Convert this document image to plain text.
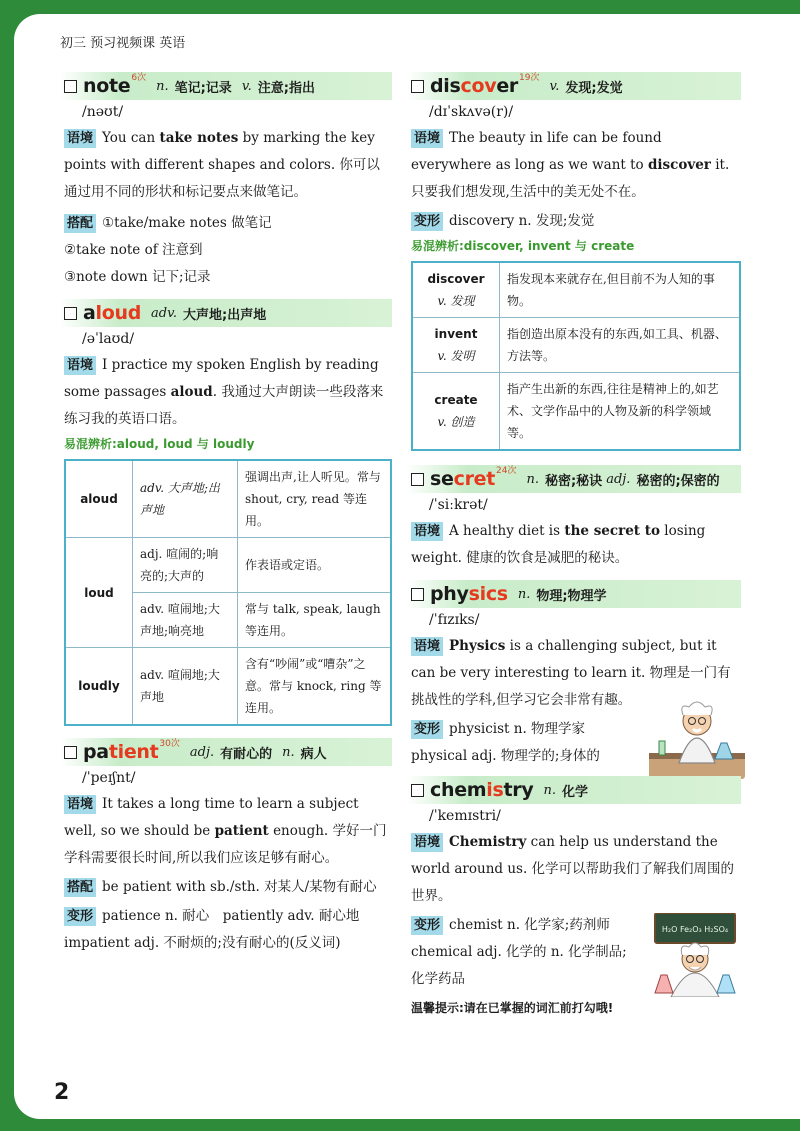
初三 预习视频课 英语
note 6次
n. 笔记;记录 v. 注意;指出
/nəʊt/
语境 You can take notes by marking the key points with different shapes and colors. 你可以通过用不同的形状和标记要点来做笔记。
搭配 ①take/make notes 做笔记
②take note of 注意到
③note down 记下;记录
aloud adv. 大声地;出声地
/əˈlaʊd/
语境 I practice my spoken English by reading some passages aloud. 我通过大声朗读一些段落来练习我的英语口语。
易混辨析:aloud, loud 与 loudly
aloud	adv. 大声地;出声地	强调出声,让人听见。常与 shout, cry, read 等连用。
loud	adj. 喧闹的;响亮的;大声的	作表语或定语。
	adv. 喧闹地;大声地;响亮地	常与 talk, speak, laugh 等连用。
loudly	adv. 喧闹地;大声地	含有“吵闹”或“嘈杂”之意。常与 knock, ring 等连用。
patient 30次
adj. 有耐心的 n. 病人
/ˈpeɪʃnt/
语境 It takes a long time to learn a subject well, so we should be patient enough. 学好一门学科需要很长时间,所以我们应该足够有耐心。
搭配 be patient with sb./sth. 对某人/某物有耐心
变形 patience n. 耐心　patiently adv. 耐心地
impatient adj. 不耐烦的;没有耐心的(反义词)
discover 19次
v. 发现;发觉
/dɪˈskʌvə(r)/
语境 The beauty in life can be found everywhere as long as we want to discover it. 只要我们想发现,生活中的美无处不在。
变形 discovery n. 发现;发觉
易混辨析:discover, invent 与 create
discover
v. 发现	指发现本来就存在,但目前不为人知的事物。
invent
v. 发明	指创造出原本没有的东西,如工具、机器、方法等。
create
v. 创造	指产生出新的东西,往往是精神上的,如艺术、文学作品中的人物及新的科学领域等。
secret 24次
n. 秘密;秘诀 adj. 秘密的;保密的
/ˈsiːkrət/
语境 A healthy diet is the secret to losing weight. 健康的饮食是减肥的秘诀。
physics n. 物理;物理学
/ˈfɪzɪks/
语境 Physics is a challenging subject, but it can be very interesting to learn it. 物理是一门有挑战性的学科,但学习它会非常有趣。
变形 physicist n. 物理学家
physical adj. 物理学的;身体的
chemistry n. 化学
/ˈkemɪstri/
语境 Chemistry can help us understand the world around us. 化学可以帮助我们了解我们周围的世界。
变形 chemist n. 化学家;药剂师
chemical adj. 化学的 n. 化学制品;化学药品
H₂O Fe₂O₃ H₂SO₄
温馨提示:请在已掌握的词汇前打勾哦!
2
